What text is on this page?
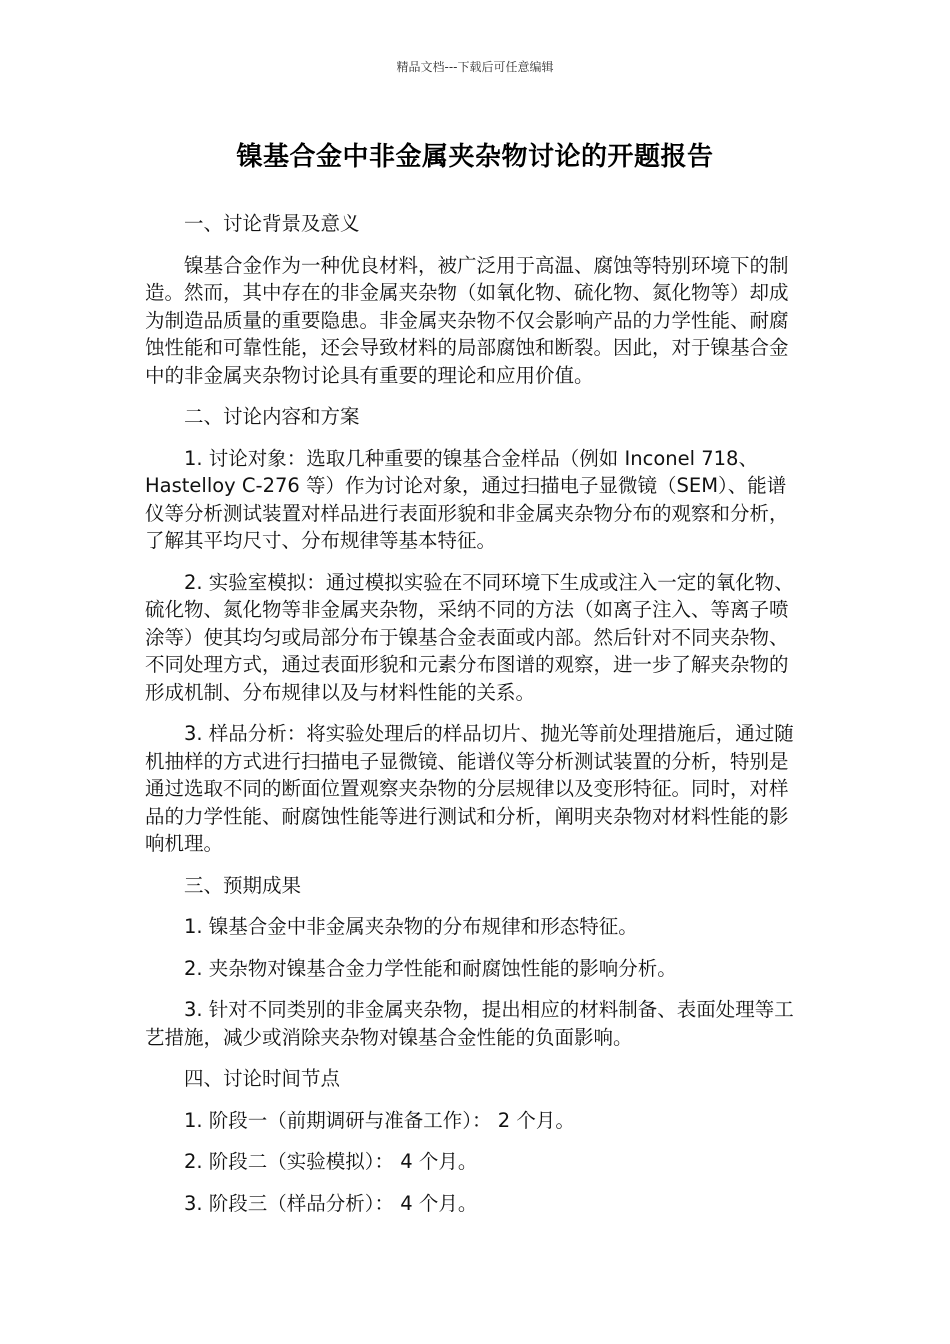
精品文档---下载后可任意编辑
镍基合金中非金属夹杂物讨论的开题报告

一、讨论背景及意义

镍基合金作为一种优良材料，被广泛用于高温、腐蚀等特别环境下的制造。然而，其中存在的非金属夹杂物（如氧化物、硫化物、氮化物等）却成为制造品质量的重要隐患。非金属夹杂物不仅会影响产品的力学性能、耐腐蚀性能和可靠性能，还会导致材料的局部腐蚀和断裂。因此，对于镍基合金中的非金属夹杂物讨论具有重要的理论和应用价值。

二、讨论内容和方案

1. 讨论对象：选取几种重要的镍基合金样品（例如 Inconel 718、Hastelloy C-276 等）作为讨论对象，通过扫描电子显微镜（SEM）、能谱仪等分析测试装置对样品进行表面形貌和非金属夹杂物分布的观察和分析，了解其平均尺寸、分布规律等基本特征。

2. 实验室模拟：通过模拟实验在不同环境下生成或注入一定的氧化物、硫化物、氮化物等非金属夹杂物，采纳不同的方法（如离子注入、等离子喷涂等）使其均匀或局部分布于镍基合金表面或内部。然后针对不同夹杂物、不同处理方式，通过表面形貌和元素分布图谱的观察，进一步了解夹杂物的形成机制、分布规律以及与材料性能的关系。

3. 样品分析：将实验处理后的样品切片、抛光等前处理措施后，通过随机抽样的方式进行扫描电子显微镜、能谱仪等分析测试装置的分析，特别是通过选取不同的断面位置观察夹杂物的分层规律以及变形特征。同时，对样品的力学性能、耐腐蚀性能等进行测试和分析，阐明夹杂物对材料性能的影响机理。

三、预期成果

1. 镍基合金中非金属夹杂物的分布规律和形态特征。

2. 夹杂物对镍基合金力学性能和耐腐蚀性能的影响分析。

3. 针对不同类别的非金属夹杂物，提出相应的材料制备、表面处理等工艺措施，减少或消除夹杂物对镍基合金性能的负面影响。

四、讨论时间节点

1. 阶段一（前期调研与准备工作）： 2 个月。

2. 阶段二（实验模拟）： 4 个月。

3. 阶段三（样品分析）： 4 个月。
